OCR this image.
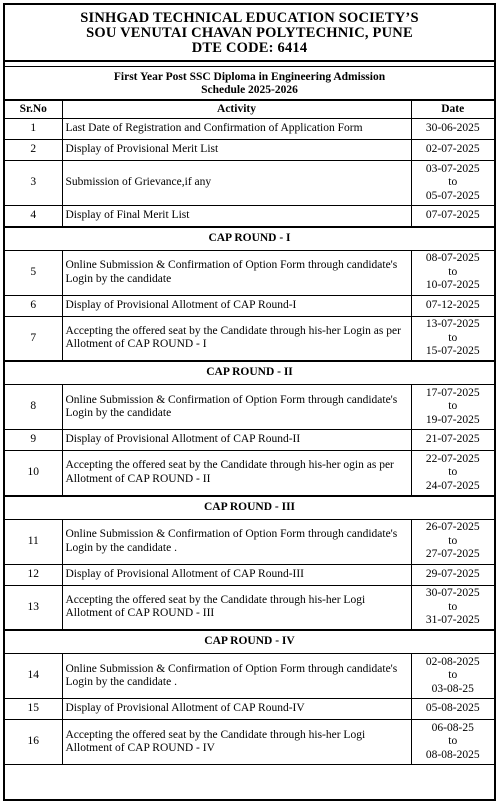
SINHGAD TECHNICAL EDUCATION SOCIETY’S
SOU VENUTAI CHAVAN POLYTECHNIC, PUNE
DTE CODE: 6414
First Year Post SSC Diploma in Engineering Admission
Schedule 2025-2026
Sr.No	Activity	Date
1	Last Date of Registration and Confirmation of Application Form	30-06-2025

2	Display of Provisional Merit List	02-07-2025

3	Submission of Grievance,if any	03-07-2025
to
05-07-2025

4	Display of Final Merit List	07-07-2025

CAP ROUND - I		
5	Online Submission & Confirmation of Option Form through candidate's Login by the candidate	08-07-2025
to
10-07-2025

6	Display of Provisional Allotment of CAP Round-I	07-12-2025

7	Accepting the offered seat by the Candidate through his-her Login as per Allotment of CAP ROUND - I	13-07-2025
to
15-07-2025

CAP ROUND - II		
8	Online Submission & Confirmation of Option Form through candidate's Login by the candidate	17-07-2025
to
19-07-2025

9	Display of Provisional Allotment of CAP Round-II	21-07-2025

10	Accepting the offered seat by the Candidate through his-her ogin as per Allotment of CAP ROUND - II	22-07-2025
to
24-07-2025

CAP ROUND - III		
11	Online Submission & Confirmation of Option Form through candidate's Login by the candidate .	26-07-2025
to
27-07-2025

12	Display of Provisional Allotment of CAP Round-III	29-07-2025

13	Accepting the offered seat by the Candidate through his-her Logi Allotment of CAP ROUND - III	30-07-2025
to
31-07-2025

CAP ROUND - IV		
14	Online Submission & Confirmation of Option Form through candidate's Login by the candidate .	02-08-2025
to
03-08-25

15	Display of Provisional Allotment of CAP Round-IV	05-08-2025

16	Accepting the offered seat by the Candidate through his-her Logi Allotment of CAP ROUND - IV	06-08-25
to
08-08-2025
